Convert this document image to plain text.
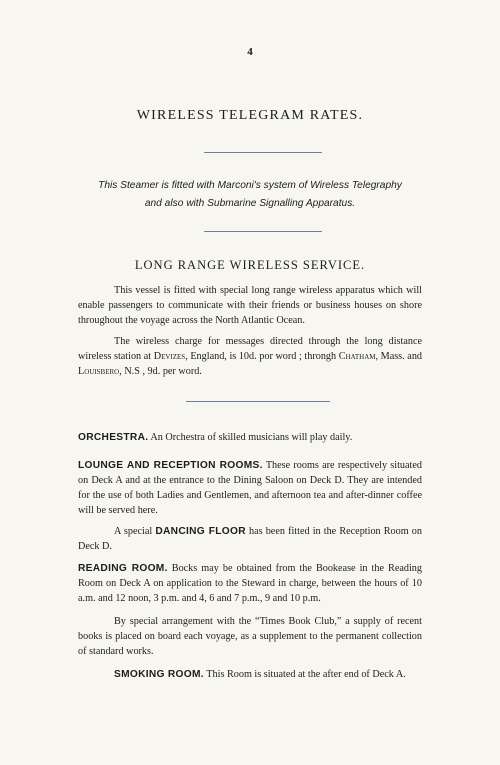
4
WIRELESS TELEGRAM RATES.
This Steamer is fitted with Marconi's system of Wireless Telegraphy and also with Submarine Signalling Apparatus.
LONG RANGE WIRELESS SERVICE.

This vessel is fitted with special long range wireless apparatus which will enable passengers to communicate with their friends or business houses on shore throughout the voyage across the North Atlantic Ocean.

The wireless charge for messages directed through the long distance wireless station at Devizes, England, is 10d. por word ; throngh Chatham, Mass. and Louisbero, N.S , 9d. per word.

ORCHESTRA. An Orchestra of skilled musicians will play daily.

LOUNGE AND RECEPTION ROOMS. These rooms are respectively situated on Deck A and at the entrance to the Dining Saloon on Deck D. They are intended for the use of both Ladies and Gentlemen, and afternoon tea and after-dinner coffee will be served here.

A special DANCING FLOOR has been fitted in the Reception Room on Deck D.

READING ROOM. Bocks may be obtained from the Bookease in the Reading Room on Deck A on application to the Steward in charge, between the hours of 10 a.m. and 12 noon, 3 p.m. and 4, 6 and 7 p.m., 9 and 10 p.m.

By special arrangement with the “Times Book Club,” a supply of recent books is placed on board each voyage, as a supplement to the permanent collection of standard works.

SMOKING ROOM. This Room is situated at the after end of Deck A.
